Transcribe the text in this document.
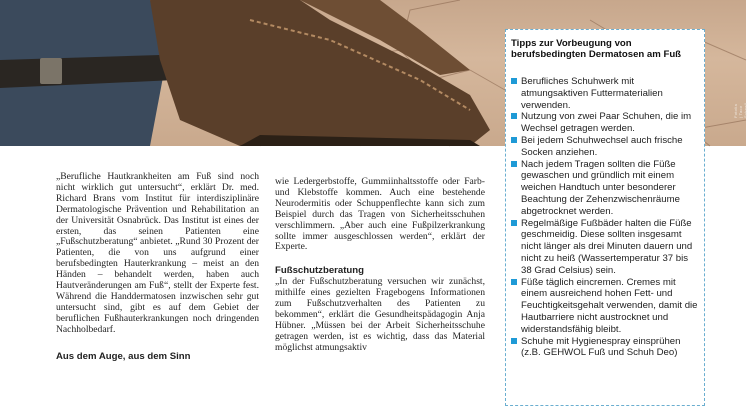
Fotolia | Taco Schnell

„Berufliche Hautkrankheiten am Fuß sind noch nicht wirklich gut untersucht“, erklärt Dr. med. Richard Brans vom Institut für interdisziplinäre Dermatologische Prävention und Rehabilitation an der Universität Osnabrück. Das Institut ist eines der ersten, das seinen Patienten eine „Fußschutzberatung“ anbietet. „Rund 30 Prozent der Patienten, die von uns aufgrund einer berufsbedingten Hauterkrankung – meist an den Händen – behandelt werden, haben auch Hautveränderungen am Fuß“, stellt der Experte fest. Während die Handdermatosen inzwischen sehr gut untersucht sind, gibt es auf dem Gebiet der beruflichen Fußhauterkrankungen noch dringenden Nachholbedarf.

Aus dem Auge, aus dem Sinn

wie Ledergerbstoffe, Gummiinhaltsstoffe oder Farb- und Klebstoffe kommen. Auch eine bestehende Neurodermitis oder Schuppenflechte kann sich zum Beispiel durch das Tragen von Sicherheitsschuhen verschlimmern. „Aber auch eine Fußpilzerkrankung sollte immer ausgeschlossen werden“, erklärt der Experte.

Fußschutzberatung

„In der Fußschutzberatung versuchen wir zunächst, mithilfe eines gezielten Fragebogens Informationen zum Fußschutzverhalten des Patienten zu bekommen“, erklärt die Gesundheitspädagogin Anja Hübner. „Müssen bei der Arbeit Sicherheitsschuhe getragen werden, ist es wichtig, dass das Material möglichst atmungsaktiv

Tipps zur Vorbeugung von berufsbedingten Dermatosen am Fuß
Berufliches Schuhwerk mit atmungsaktiven Futtermaterialien verwenden.
Nutzung von zwei Paar Schuhen, die im Wechsel getragen werden.
Bei jedem Schuhwechsel auch frische Socken anziehen.
Nach jedem Tragen sollten die Füße gewaschen und gründlich mit einem weichen Handtuch unter besonderer Beachtung der Zehenzwischenräume abgetrocknet werden.
Regelmäßige Fußbäder halten die Füße geschmeidig. Diese sollten insgesamt nicht länger als drei Minuten dauern und nicht zu heiß (Wassertemperatur 37 bis 38 Grad Celsius) sein.
Füße täglich eincremen. Cremes mit einem ausreichend hohen Fett- und Feuchtigkeitsgehalt verwenden, damit die Hautbarriere nicht austrocknet und widerstandsfähig bleibt.
Schuhe mit Hygienespray einsprühen (z.B. GEHWOL Fuß und Schuh Deo)
